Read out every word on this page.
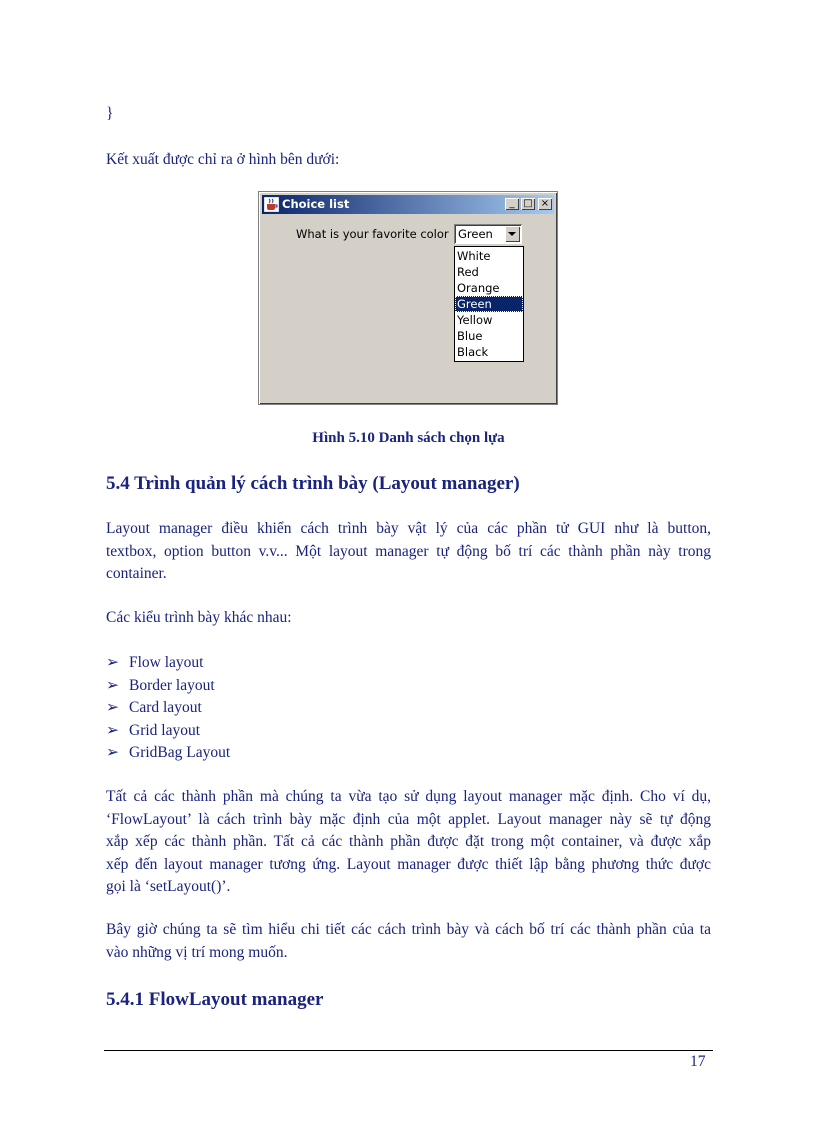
}
Kết xuất được chỉ ra ở hình bên dưới:
Choice list	_ □ ×
What is your favorite color Green
White
Red
Orange
Green
Yellow
Blue
Black
Hình 5.10 Danh sách chọn lựa
5.4 Trình quản lý cách trình bày (Layout manager)
Layout manager điều khiển cách trình bày vật lý của các phần tử GUI như là button,
textbox, option button v.v... Một layout manager tự động bố trí các thành phần này trong
container.
Các kiểu trình bày khác nhau:
➢ Flow layout
➢ Border layout
➢ Card layout
➢ Grid layout
➢ GridBag Layout
Tất cả các thành phần mà chúng ta vừa tạo sử dụng layout manager mặc định. Cho ví dụ,
‘FlowLayout’ là cách trình bày mặc định của một applet. Layout manager này sẽ tự động
xắp xếp các thành phần. Tất cả các thành phần được đặt trong một container, và được xắp
xếp đến layout manager tương ứng. Layout manager được thiết lập bằng phương thức được
gọi là ‘setLayout()’.
Bây giờ chúng ta sẽ tìm hiểu chi tiết các cách trình bày và cách bố trí các thành phần của ta
vào những vị trí mong muốn.
5.4.1 FlowLayout manager
17
